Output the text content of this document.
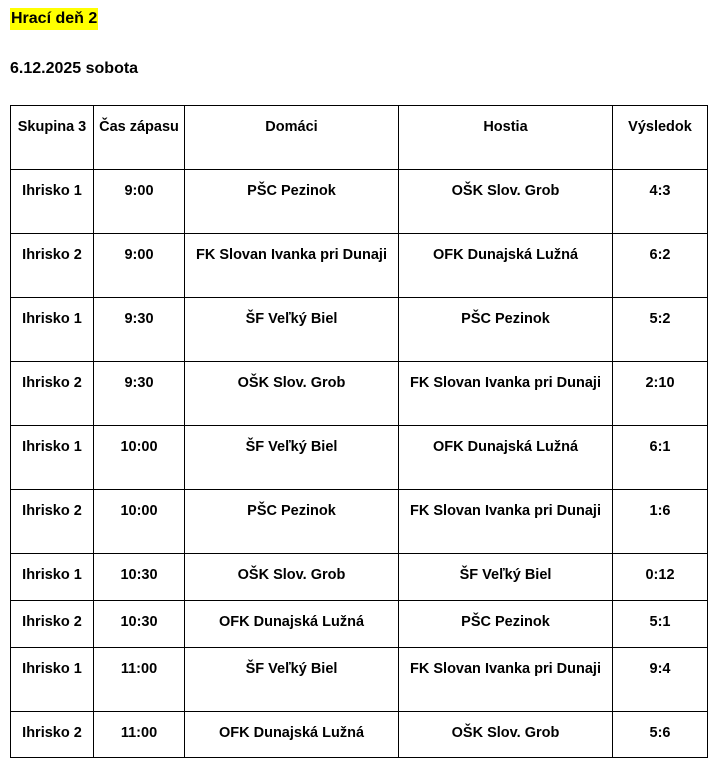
Hrací deň 2
6.12.2025 sobota
Skupina 3	Čas zápasu	Domáci	Hostia	Výsledok
Ihrisko 1	9:00	PŠC Pezinok	OŠK Slov. Grob	4:3
Ihrisko 2	9:00	FK Slovan Ivanka pri Dunaji	OFK Dunajská Lužná	6:2
Ihrisko 1	9:30	ŠF Veľký Biel	PŠC Pezinok	5:2
Ihrisko 2	9:30	OŠK Slov. Grob	FK Slovan Ivanka pri Dunaji	2:10
Ihrisko 1	10:00	ŠF Veľký Biel	OFK Dunajská Lužná	6:1
Ihrisko 2	10:00	PŠC Pezinok	FK Slovan Ivanka pri Dunaji	1:6
Ihrisko 1	10:30	OŠK Slov. Grob	ŠF Veľký Biel	0:12
Ihrisko 2	10:30	OFK Dunajská Lužná	PŠC Pezinok	5:1
Ihrisko 1	11:00	ŠF Veľký Biel	FK Slovan Ivanka pri Dunaji	9:4
Ihrisko 2	11:00	OFK Dunajská Lužná	OŠK Slov. Grob	5:6
